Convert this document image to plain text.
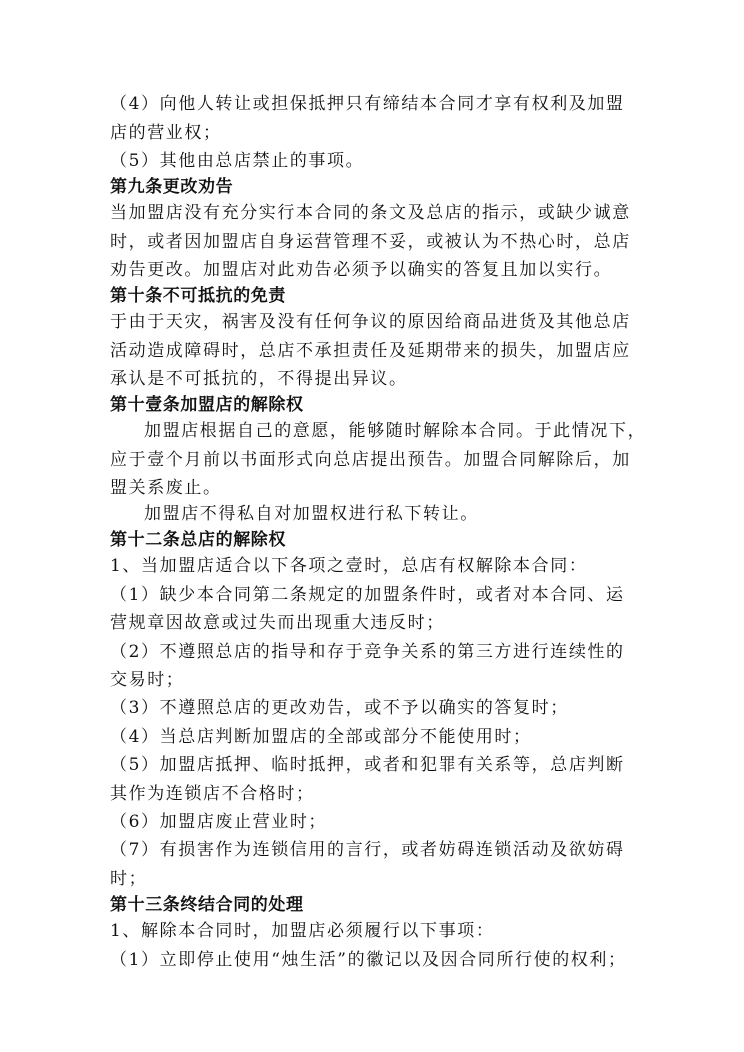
（4）向他人转让或担保抵押只有缔结本合同才享有权利及加盟
店的营业权；
（5）其他由总店禁止的事项。
第九条更改劝告
当加盟店没有充分实行本合同的条文及总店的指示，或缺少诚意
时，或者因加盟店自身运营管理不妥，或被认为不热心时，总店
劝告更改。加盟店对此劝告必须予以确实的答复且加以实行。
第十条不可抵抗的免责
于由于天灾，祸害及没有任何争议的原因给商品进货及其他总店
活动造成障碍时，总店不承担责任及延期带来的损失，加盟店应
承认是不可抵抗的，不得提出异议。
第十壹条加盟店的解除权
加盟店根据自己的意愿，能够随时解除本合同。于此情况下，
应于壹个月前以书面形式向总店提出预告。加盟合同解除后，加
盟关系废止。
加盟店不得私自对加盟权进行私下转让。
第十二条总店的解除权
1、当加盟店适合以下各项之壹时，总店有权解除本合同：
（1）缺少本合同第二条规定的加盟条件时，或者对本合同、运
营规章因故意或过失而出现重大违反时；
（2）不遵照总店的指导和存于竞争关系的第三方进行连续性的
交易时；
（3）不遵照总店的更改劝告，或不予以确实的答复时；
（4）当总店判断加盟店的全部或部分不能使用时；
（5）加盟店抵押、临时抵押，或者和犯罪有关系等，总店判断
其作为连锁店不合格时；
（6）加盟店废止营业时；
（7）有损害作为连锁信用的言行，或者妨碍连锁活动及欲妨碍
时；
第十三条终结合同的处理
1、解除本合同时，加盟店必须履行以下事项：
（1）立即停止使用“烛生活”的徽记以及因合同所行使的权利；
